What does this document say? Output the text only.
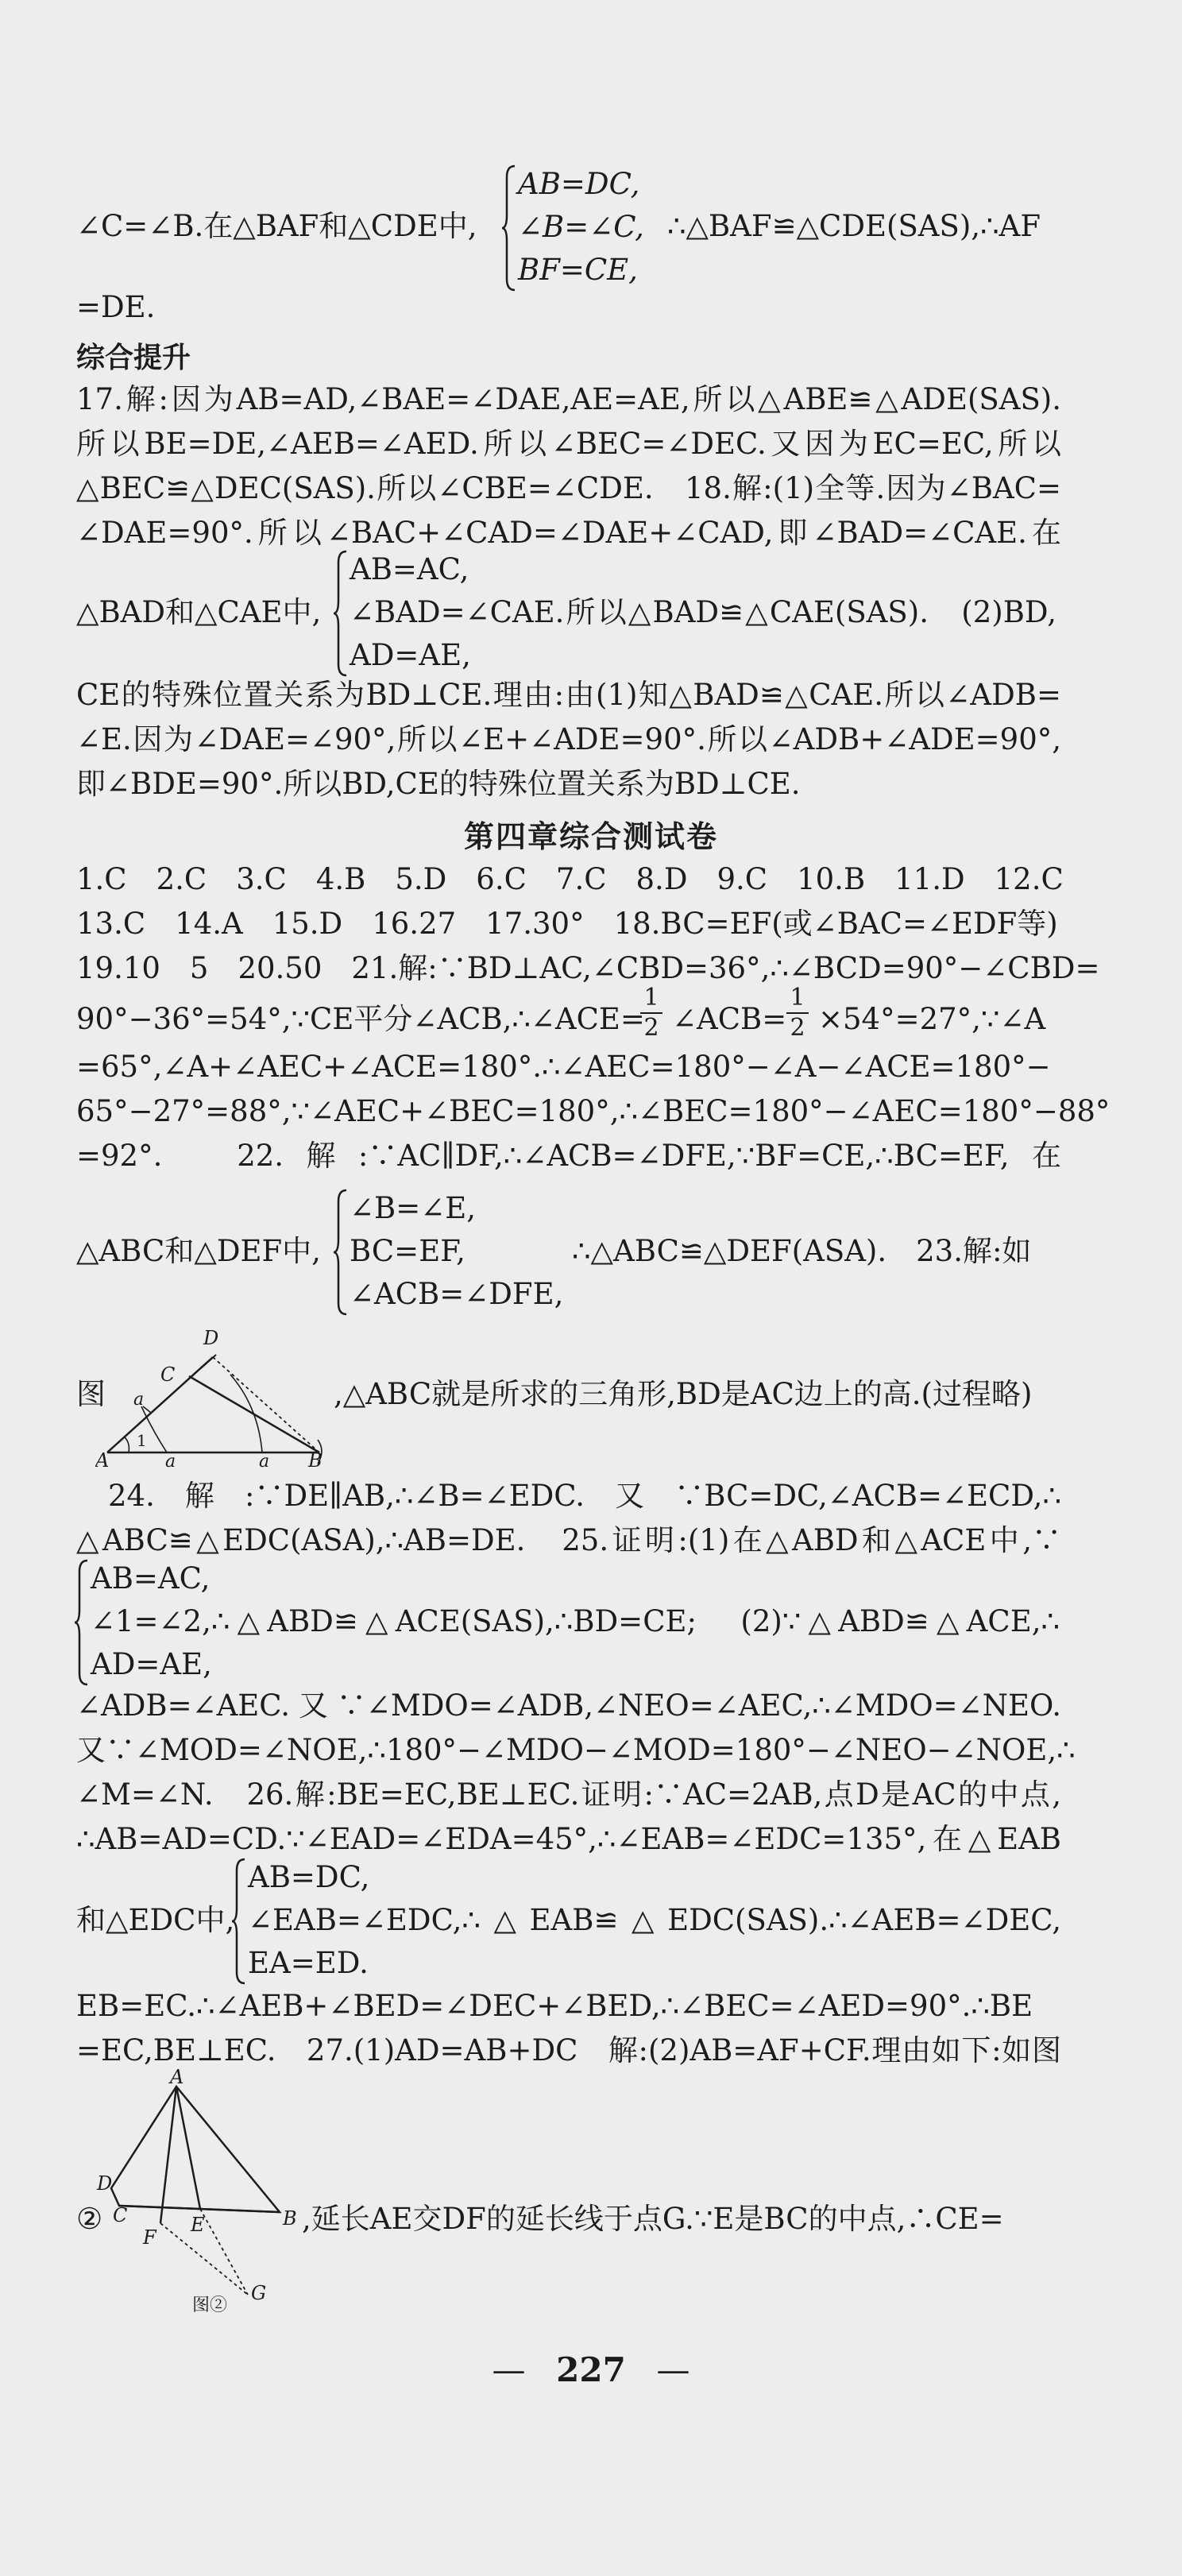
∠C=∠B.在△BAF和△CDE中,
AB=DC,
∠B=∠C,
BF=CE,
∴△BAF≌△CDE(SAS),∴AF
=DE.
综合提升
17.解:因为AB=AD,∠BAE=∠DAE,AE=AE,所以△ABE≌△ADE(SAS).
所以BE=DE,∠AEB=∠AED.所以∠BEC=∠DEC.又因为EC=EC,所以
△BEC≌△DEC(SAS).所以∠CBE=∠CDE.　18.解:(1)全等.因为∠BAC=
∠DAE=90°.所以∠BAC+∠CAD=∠DAE+∠CAD,即∠BAD=∠CAE.在
△BAD和△CAE中,
AB=AC,
∠BAD=∠CAE.所以△BAD≌△CAE(SAS).　(2)BD,
AD=AE,
CE的特殊位置关系为BD⊥CE.理由:由(1)知△BAD≌△CAE.所以∠ADB=
∠E.因为∠DAE=∠90°,所以∠E+∠ADE=90°.所以∠ADB+∠ADE=90°,
即∠BDE=90°.所以BD,CE的特殊位置关系为BD⊥CE.
第四章综合测试卷
1.C　2.C　3.C　4.B　5.D　6.C　7.C　8.D　9.C　10.B　11.D　12.C
13.C　14.A　15.D　16.27　17.30°　18.BC=EF(或∠BAC=∠EDF等)
19.10　5　20.50　21.解:∵BD⊥AC,∠CBD=36°,∴∠BCD=90°−∠CBD=
90°−36°=54°,∵CE平分∠ACB,∴∠ACE=
$\frac{1}{2}$ ∠ACB= $\frac{1}{2}$ ×54°=27°,∵∠A
=65°,∠A+∠AEC+∠ACE=180°.∴∠AEC=180°−∠A−∠ACE=180°−
65°−27°=88°,∵∠AEC+∠BEC=180°,∴∠BEC=180°−∠AEC=180°−88°
=92°.　22.解:∵AC∥DF,∴∠ACB=∠DFE,∵BF=CE,∴BC=EF,在
△ABC和△DEF中,
∠B=∠E,
BC=EF,
∠ACB=∠DFE,
∴△ABC≌△DEF(ASA).　23.解:如
图
A	B
C
D
a
a	a
1
,△ABC就是所求的三角形,BD是AC边上的高.(过程略)
24.解:∵DE∥AB,∴∠B=∠EDC.又∵BC=DC,∠ACB=∠ECD,∴
△ABC≌△EDC(ASA),∴AB=DE.　25.证明:(1)在△ABD和△ACE中,∵
AB=AC,
∠1=∠2,∴△ABD≌△ACE(SAS),∴BD=CE;　(2)∵△ABD≌△ACE,∴
AD=AE,
∠ADB=∠AEC.又∵∠MDO=∠ADB,∠NEO=∠AEC,∴∠MDO=∠NEO.
又∵∠MOD=∠NOE,∴180°−∠MDO−∠MOD=180°−∠NEO−∠NOE,∴
∠M=∠N.　26.解:BE=EC,BE⊥EC.证明:∵AC=2AB,点D是AC的中点,
∴AB=AD=CD.∵∠EAD=∠EDA=45°,∴∠EAB=∠EDC=135°,在△EAB
和△EDC中,
AB=DC,
∠EAB=∠EDC,∴△EAB≌△EDC(SAS).∴∠AEB=∠DEC,
EA=ED.
EB=EC.∴∠AEB+∠BED=∠DEC+∠BED,∴∠BEC=∠AED=90°.∴BE
=EC,BE⊥EC.　27.(1)AD=AB+DC　解:(2)AB=AF+CF.理由如下:如图
②
A
B
C
D
E
F
G
图②
,延长AE交DF的延长线于点G.∵E是BC的中点,∴CE=
— 227 —
